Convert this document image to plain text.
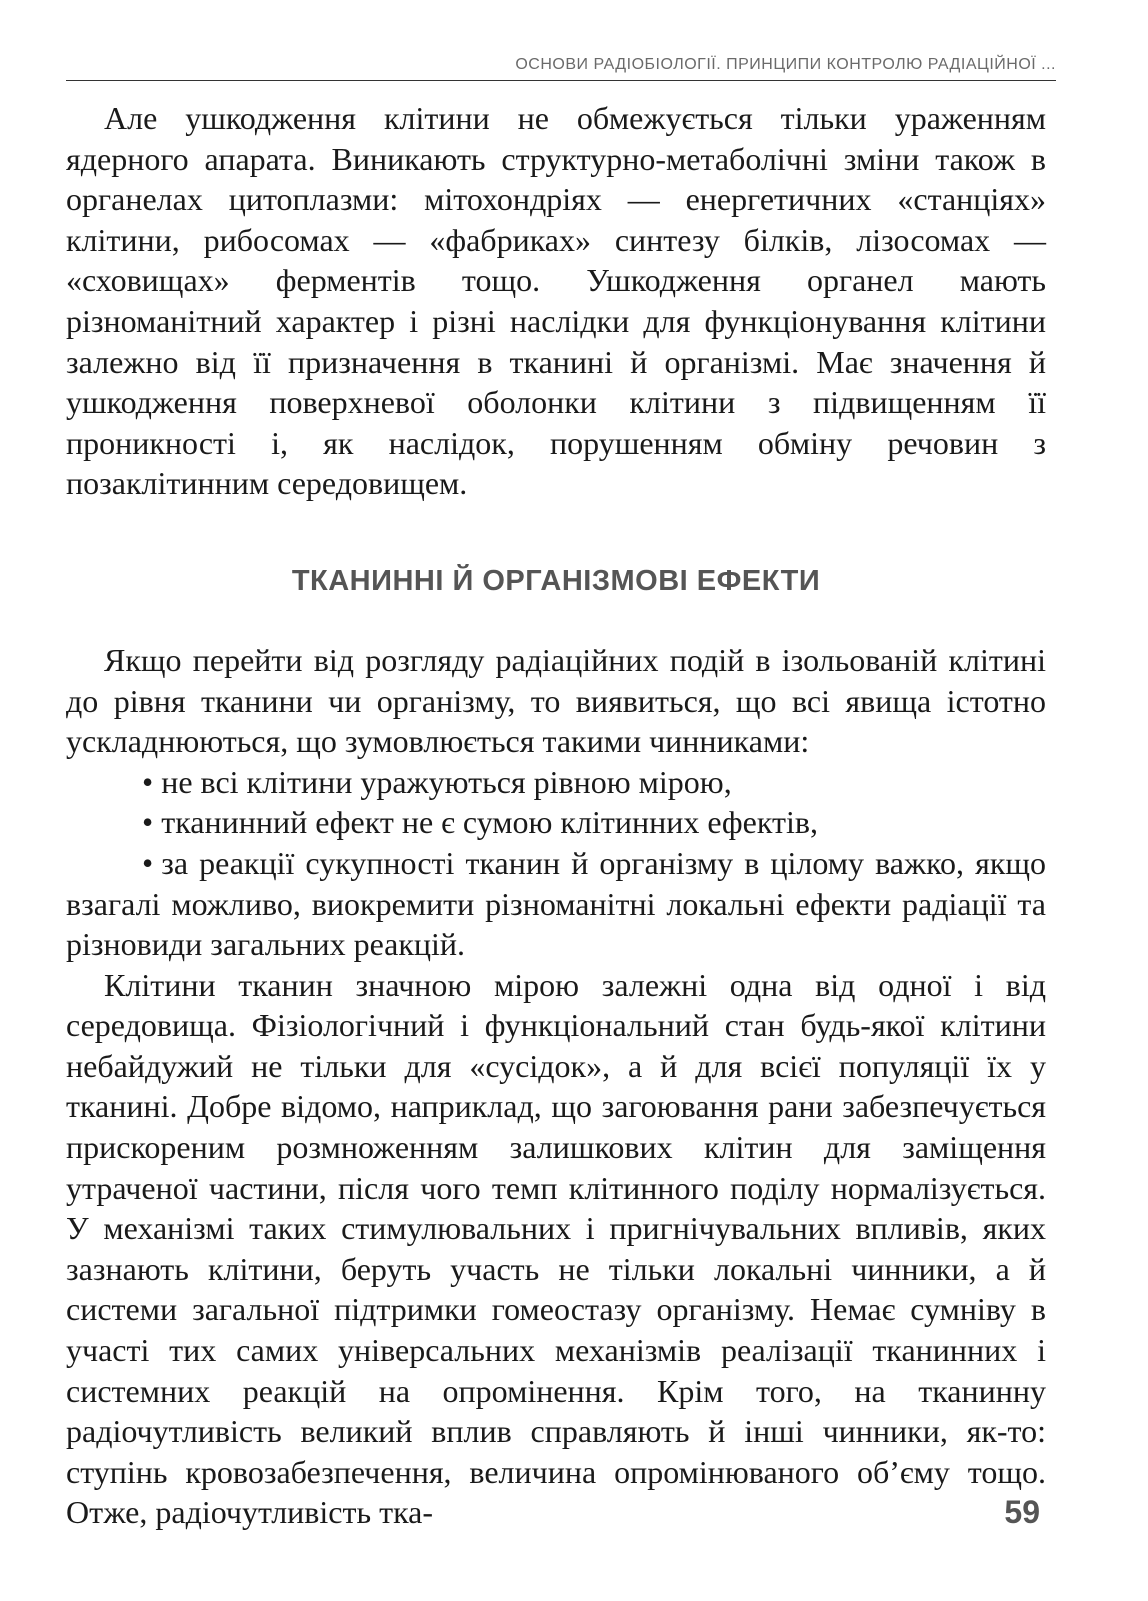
ОСНОВИ РАДІОБІОЛОГІЇ. ПРИНЦИПИ КОНТРОЛЮ РАДІАЦІЙНОЇ ...

Але ушкодження клітини не обмежується тільки ураженням ядерного апарата. Виникають структурно-метаболічні зміни також в органелах цитоплазми: мітохондріях — енергетичних «станціях» клітини, рибосомах — «фабриках» синтезу білків, лізосомах — «сховищах» ферментів тощо. Ушкодження органел мають різноманітний характер і різні наслідки для функціонування клітини залежно від її призначення в тканині й організмі. Має значення й ушкодження поверхневої оболонки клітини з підвищенням її проникності і, як наслідок, порушенням обміну речовин з позаклітинним середовищем.

ТКАНИННІ Й ОРГАНІЗМОВІ ЕФЕКТИ

Якщо перейти від розгляду радіаційних подій в ізольованій клітині до рівня тканини чи організму, то виявиться, що всі явища істотно ускладнюються, що зумовлюється такими чинниками:

• не всі клітини уражуються рівною мірою,
• тканинний ефект не є сумою клітинних ефектів,
• за реакції сукупності тканин й організму в цілому важко, якщо взагалі можливо, виокремити різноманітні локальні ефекти радіації та різновиди загальних реакцій.

Клітини тканин значною мірою залежні одна від одної і від середовища. Фізіологічний і функціональний стан будь-якої клітини небайдужий не тільки для «сусідок», а й для всієї популяції їх у тканині. Добре відомо, наприклад, що загоювання рани забезпечується прискореним розмноженням залишкових клітин для заміщення утраченої частини, після чого темп клітинного поділу нормалізується. У механізмі таких стимулювальних і пригнічувальних впливів, яких зазнають клітини, беруть участь не тільки локальні чинники, а й системи загальної підтримки гомеостазу організму. Немає сумніву в участі тих самих універсальних механізмів реалізації тканинних і системних реакцій на опромінення. Крім того, на тканинну радіочутливість великий вплив справляють й інші чинники, як-то: ступінь кровозабезпечення, величина опромінюваного об’єму тощо. Отже, радіочутливість тка-	59
